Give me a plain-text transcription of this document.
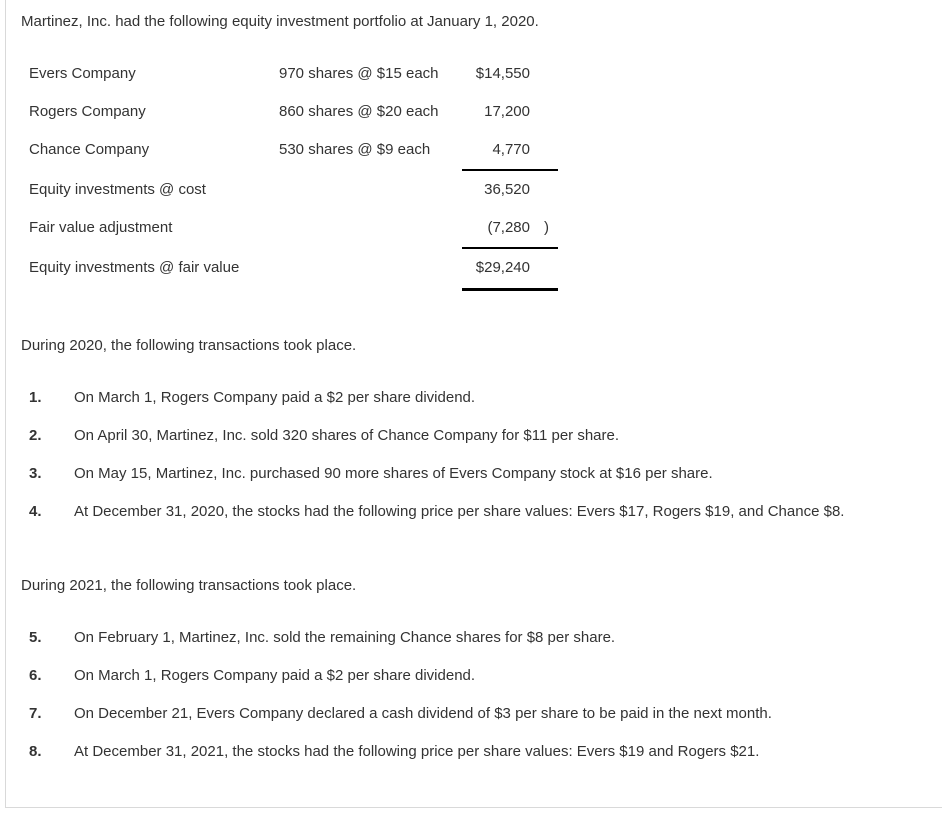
Martinez, Inc. had the following equity investment portfolio at January 1, 2020.
Evers Company	970 shares @ $15 each	$14,550
Rogers Company	860 shares @ $20 each	17,200
Chance Company	530 shares @ $9 each	4,770
Equity investments @ cost	36,520
Fair value adjustment	(7,280 )
Equity investments @ fair value	$29,240
During 2020, the following transactions took place.
1. On March 1, Rogers Company paid a $2 per share dividend.
2. On April 30, Martinez, Inc. sold 320 shares of Chance Company for $11 per share.
3. On May 15, Martinez, Inc. purchased 90 more shares of Evers Company stock at $16 per share.
4. At December 31, 2020, the stocks had the following price per share values: Evers $17, Rogers $19, and Chance $8.
During 2021, the following transactions took place.
5. On February 1, Martinez, Inc. sold the remaining Chance shares for $8 per share.
6. On March 1, Rogers Company paid a $2 per share dividend.
7. On December 21, Evers Company declared a cash dividend of $3 per share to be paid in the next month.
8. At December 31, 2021, the stocks had the following price per share values: Evers $19 and Rogers $21.
